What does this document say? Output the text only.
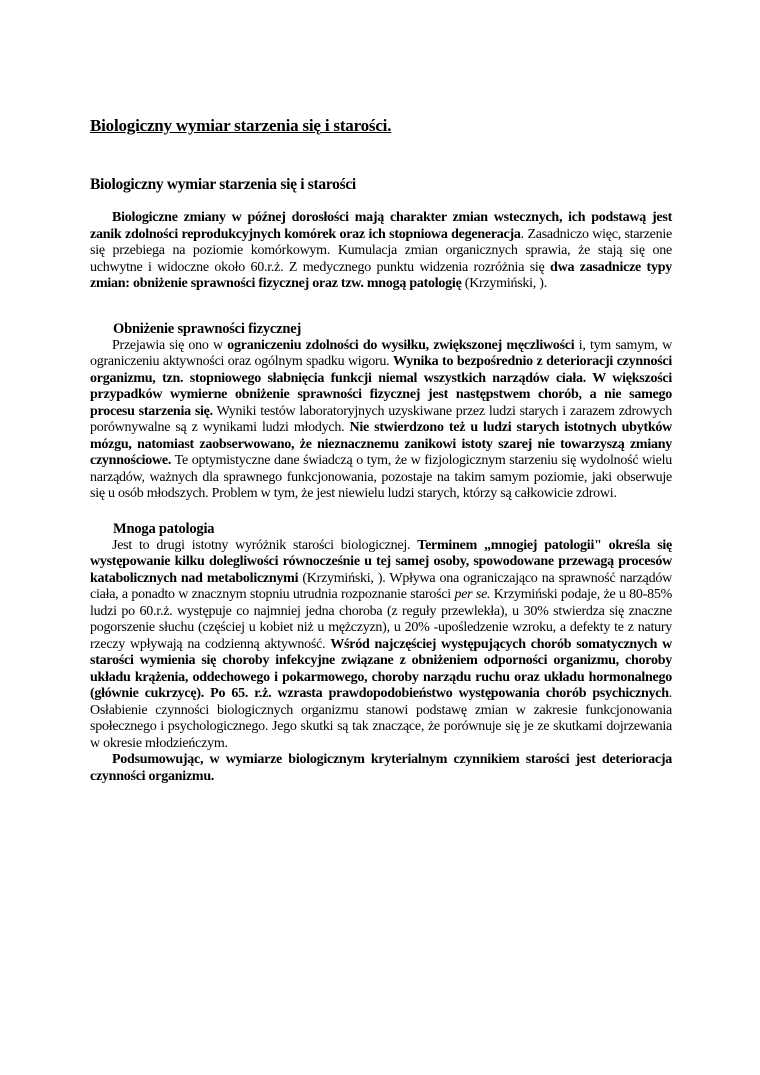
Biologiczny wymiar starzenia się i starości.
Biologiczny wymiar starzenia się i starości

Biologiczne zmiany w późnej dorosłości mają charakter zmian wstecznych, ich podstawą jest zanik zdolności reprodukcyjnych komórek oraz ich stopniowa degeneracja. Zasadniczo więc, starzenie się przebiega na poziomie komórkowym. Kumulacja zmian organicznych sprawia, że stają się one uchwytne i widoczne około 60.r.ż. Z medycznego punktu widzenia rozróżnia się dwa zasadnicze typy zmian: obniżenie sprawności fizycznej oraz tzw. mnogą patologię (Krzymiński, ).

Obniżenie sprawności fizycznej

Przejawia się ono w ograniczeniu zdolności do wysiłku, zwiększonej męczliwości i, tym samym, w ograniczeniu aktywności oraz ogólnym spadku wigoru. Wynika to bezpośrednio z deterioracji czynności organizmu, tzn. stopniowego słabnięcia funkcji niemal wszystkich narządów ciała. W większości przypadków wymierne obniżenie sprawności fizycznej jest następstwem chorób, a nie samego procesu starzenia się. Wyniki testów laboratoryjnych uzyskiwane przez ludzi starych i zarazem zdrowych porównywalne są z wynikami ludzi młodych. Nie stwierdzono też u ludzi starych istotnych ubytków mózgu, natomiast zaobserwowano, że nieznacznemu zanikowi istoty szarej nie towarzyszą zmiany czynnościowe. Te optymistyczne dane świadczą o tym, że w fizjologicznym starzeniu się wydolność wielu narządów, ważnych dla sprawnego funkcjonowania, pozostaje na takim samym poziomie, jaki obserwuje się u osób młodszych. Problem w tym, że jest niewielu ludzi starych, którzy są całkowicie zdrowi.

Mnoga patologia

Jest to drugi istotny wyróżnik starości biologicznej. Terminem „mnogiej patologii" określa się występowanie kilku dolegliwości równocześnie u tej samej osoby, spowodowane przewagą procesów katabolicznych nad metabolicznymi (Krzymiński, ). Wpływa ona ograniczająco na sprawność narządów ciała, a ponadto w znacznym stopniu utrudnia rozpoznanie starości per se. Krzymiński podaje, że u 80-85% ludzi po 60.r.ż. występuje co najmniej jedna choroba (z reguły przewlekła), u 30% stwierdza się znaczne pogorszenie słuchu (częściej u kobiet niż u mężczyzn), u 20% -upośledzenie wzroku, a defekty te z natury rzeczy wpływają na codzienną aktywność. Wśród najczęściej występujących chorób somatycznych w starości wymienia się choroby infekcyjne związane z obniżeniem odporności organizmu, choroby układu krążenia, oddechowego i pokarmowego, choroby narządu ruchu oraz układu hormonalnego (głównie cukrzycę). Po 65. r.ż. wzrasta prawdopodobieństwo występowania chorób psychicznych. Osłabienie czynności biologicznych organizmu stanowi podstawę zmian w zakresie funkcjonowania społecznego i psychologicznego. Jego skutki są tak znaczące, że porównuje się je ze skutkami dojrzewania w okresie młodzieńczym.

Podsumowując, w wymiarze biologicznym kryterialnym czynnikiem starości jest deterioracja czynności organizmu.
